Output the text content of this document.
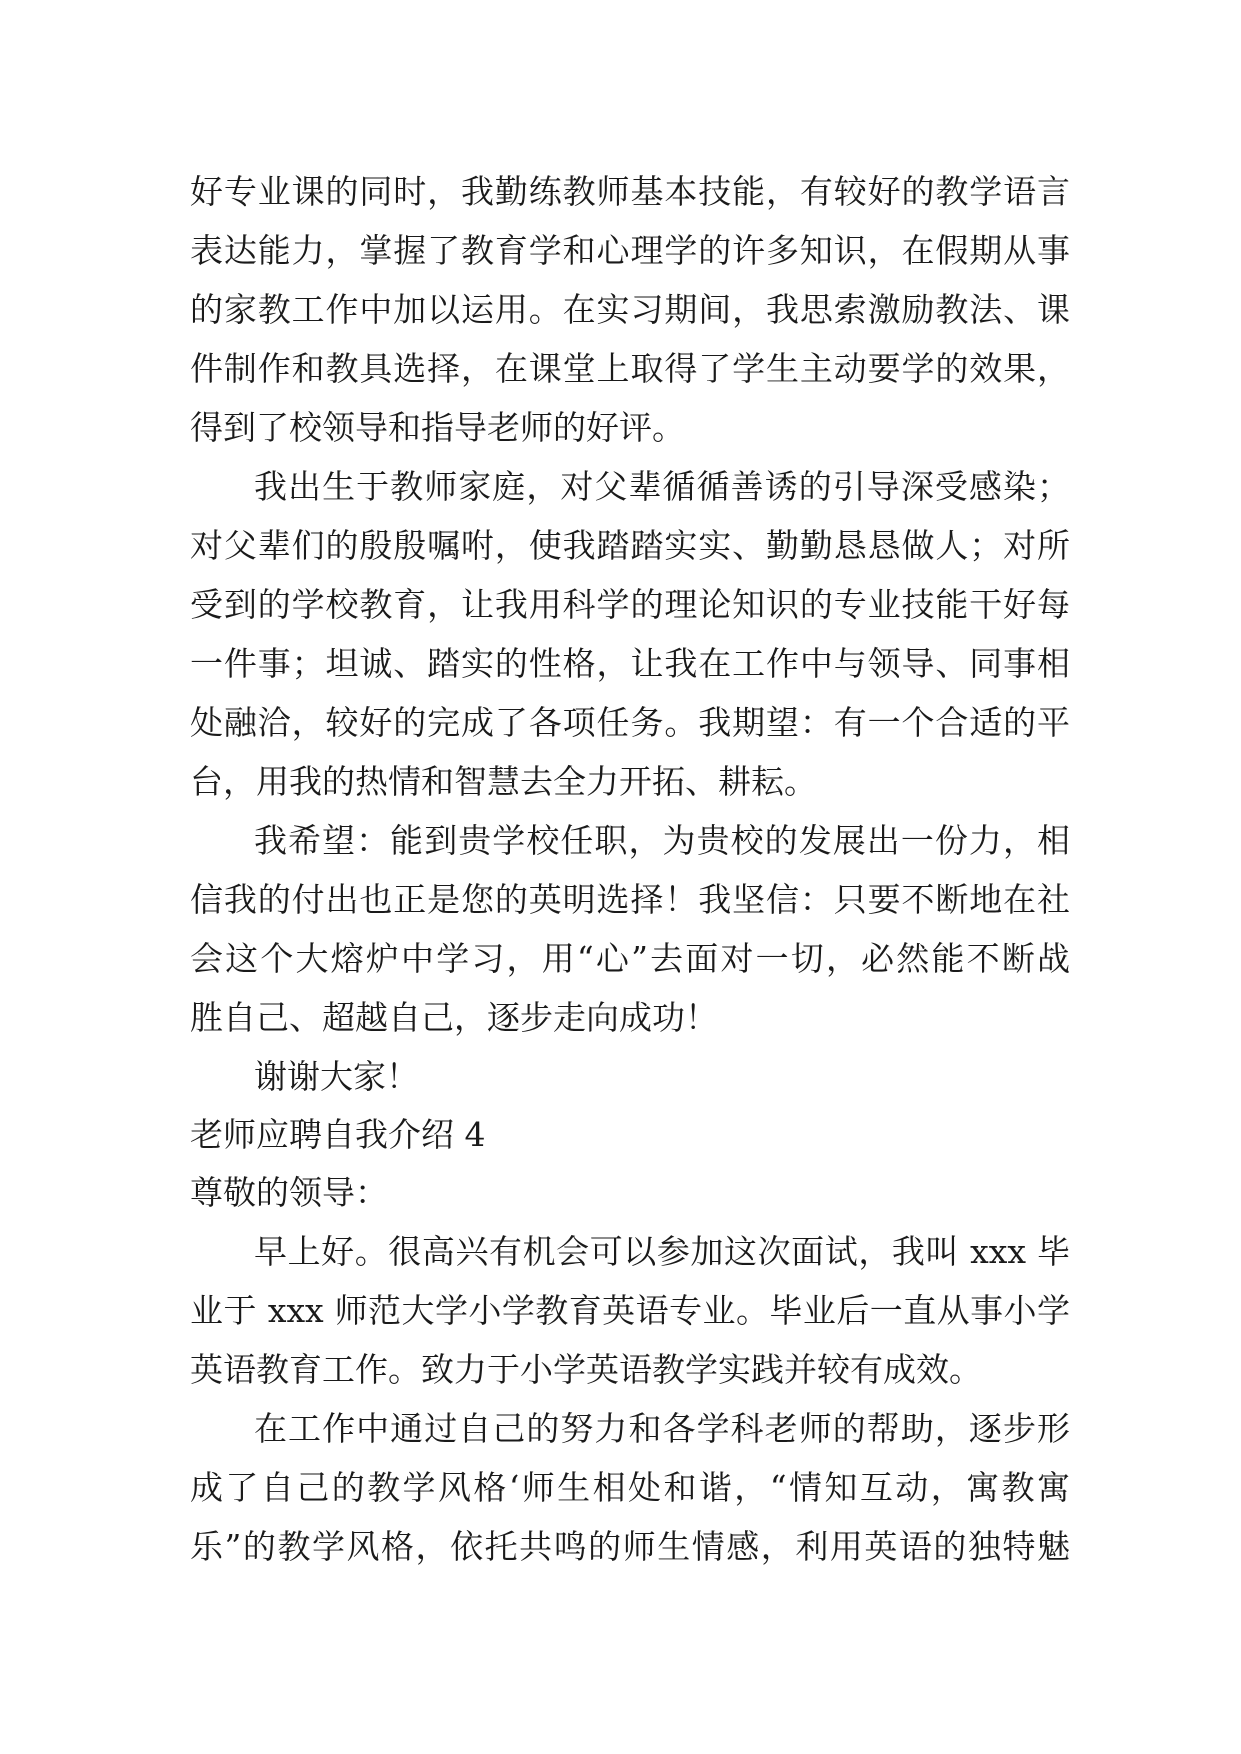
好专业课的同时，我勤练教师基本技能，有较好的教学语言
表达能力，掌握了教育学和心理学的许多知识，在假期从事
的家教工作中加以运用。在实习期间，我思索激励教法、课
件制作和教具选择，在课堂上取得了学生主动要学的效果，
得到了校领导和指导老师的好评。
我出生于教师家庭，对父辈循循善诱的引导深受感染；
对父辈们的殷殷嘱咐，使我踏踏实实、勤勤恳恳做人；对所
受到的学校教育，让我用科学的理论知识的专业技能干好每
一件事；坦诚、踏实的性格，让我在工作中与领导、同事相
处融洽，较好的完成了各项任务。我期望：有一个合适的平
台，用我的热情和智慧去全力开拓、耕耘。
我希望：能到贵学校任职，为贵校的发展出一份力，相
信我的付出也正是您的英明选择！我坚信：只要不断地在社
会这个大熔炉中学习，用“心”去面对一切，必然能不断战
胜自己、超越自己，逐步走向成功！
谢谢大家！
老师应聘自我介绍 4
尊敬的领导：
早上好。很高兴有机会可以参加这次面试，我叫 xxx 毕
业于 xxx 师范大学小学教育英语专业。毕业后一直从事小学
英语教育工作。致力于小学英语教学实践并较有成效。
在工作中通过自己的努力和各学科老师的帮助，逐步形
成了自己的教学风格‘师生相处和谐，“情知互动，寓教寓
乐”的教学风格，依托共鸣的师生情感，利用英语的独特魅
